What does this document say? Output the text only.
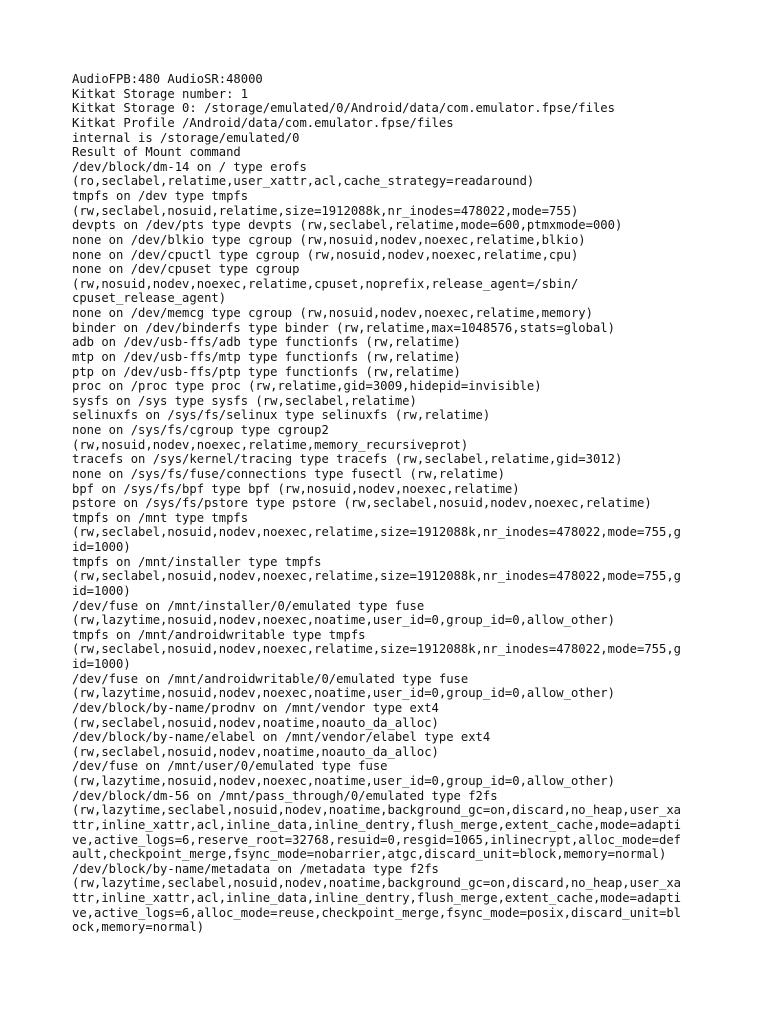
AudioFPB:480 AudioSR:48000
Kitkat Storage number: 1
Kitkat Storage 0: /storage/emulated/0/Android/data/com.emulator.fpse/files
Kitkat Profile /Android/data/com.emulator.fpse/files
internal is /storage/emulated/0
Result of Mount command
/dev/block/dm-14 on / type erofs
(ro,seclabel,relatime,user_xattr,acl,cache_strategy=readaround)
tmpfs on /dev type tmpfs
(rw,seclabel,nosuid,relatime,size=1912088k,nr_inodes=478022,mode=755)
devpts on /dev/pts type devpts (rw,seclabel,relatime,mode=600,ptmxmode=000)
none on /dev/blkio type cgroup (rw,nosuid,nodev,noexec,relatime,blkio)
none on /dev/cpuctl type cgroup (rw,nosuid,nodev,noexec,relatime,cpu)
none on /dev/cpuset type cgroup
(rw,nosuid,nodev,noexec,relatime,cpuset,noprefix,release_agent=/sbin/
cpuset_release_agent)
none on /dev/memcg type cgroup (rw,nosuid,nodev,noexec,relatime,memory)
binder on /dev/binderfs type binder (rw,relatime,max=1048576,stats=global)
adb on /dev/usb-ffs/adb type functionfs (rw,relatime)
mtp on /dev/usb-ffs/mtp type functionfs (rw,relatime)
ptp on /dev/usb-ffs/ptp type functionfs (rw,relatime)
proc on /proc type proc (rw,relatime,gid=3009,hidepid=invisible)
sysfs on /sys type sysfs (rw,seclabel,relatime)
selinuxfs on /sys/fs/selinux type selinuxfs (rw,relatime)
none on /sys/fs/cgroup type cgroup2
(rw,nosuid,nodev,noexec,relatime,memory_recursiveprot)
tracefs on /sys/kernel/tracing type tracefs (rw,seclabel,relatime,gid=3012)
none on /sys/fs/fuse/connections type fusectl (rw,relatime)
bpf on /sys/fs/bpf type bpf (rw,nosuid,nodev,noexec,relatime)
pstore on /sys/fs/pstore type pstore (rw,seclabel,nosuid,nodev,noexec,relatime)
tmpfs on /mnt type tmpfs
(rw,seclabel,nosuid,nodev,noexec,relatime,size=1912088k,nr_inodes=478022,mode=755,g
id=1000)
tmpfs on /mnt/installer type tmpfs
(rw,seclabel,nosuid,nodev,noexec,relatime,size=1912088k,nr_inodes=478022,mode=755,g
id=1000)
/dev/fuse on /mnt/installer/0/emulated type fuse
(rw,lazytime,nosuid,nodev,noexec,noatime,user_id=0,group_id=0,allow_other)
tmpfs on /mnt/androidwritable type tmpfs
(rw,seclabel,nosuid,nodev,noexec,relatime,size=1912088k,nr_inodes=478022,mode=755,g
id=1000)
/dev/fuse on /mnt/androidwritable/0/emulated type fuse
(rw,lazytime,nosuid,nodev,noexec,noatime,user_id=0,group_id=0,allow_other)
/dev/block/by-name/prodnv on /mnt/vendor type ext4
(rw,seclabel,nosuid,nodev,noatime,noauto_da_alloc)
/dev/block/by-name/elabel on /mnt/vendor/elabel type ext4
(rw,seclabel,nosuid,nodev,noatime,noauto_da_alloc)
/dev/fuse on /mnt/user/0/emulated type fuse
(rw,lazytime,nosuid,nodev,noexec,noatime,user_id=0,group_id=0,allow_other)
/dev/block/dm-56 on /mnt/pass_through/0/emulated type f2fs
(rw,lazytime,seclabel,nosuid,nodev,noatime,background_gc=on,discard,no_heap,user_xa
ttr,inline_xattr,acl,inline_data,inline_dentry,flush_merge,extent_cache,mode=adapti
ve,active_logs=6,reserve_root=32768,resuid=0,resgid=1065,inlinecrypt,alloc_mode=def
ault,checkpoint_merge,fsync_mode=nobarrier,atgc,discard_unit=block,memory=normal)
/dev/block/by-name/metadata on /metadata type f2fs
(rw,lazytime,seclabel,nosuid,nodev,noatime,background_gc=on,discard,no_heap,user_xa
ttr,inline_xattr,acl,inline_data,inline_dentry,flush_merge,extent_cache,mode=adapti
ve,active_logs=6,alloc_mode=reuse,checkpoint_merge,fsync_mode=posix,discard_unit=bl
ock,memory=normal)
